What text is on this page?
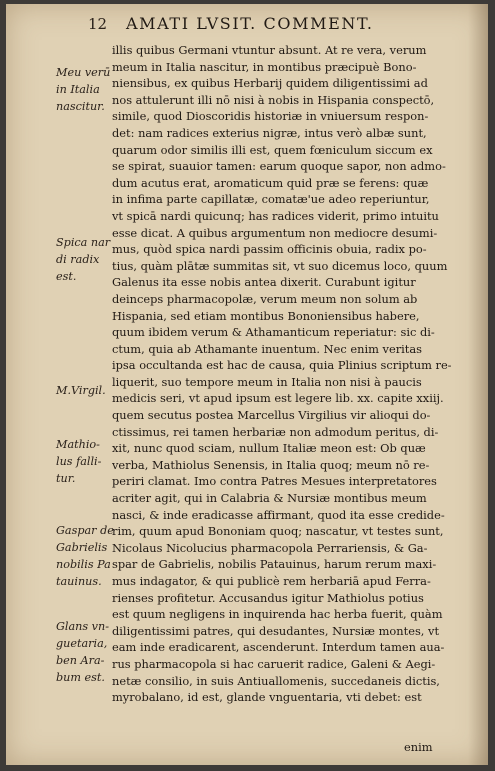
12 AMATI LVSIT. COMMENT.
Meu verū
in Italia
nascitur.
Spica nar
di radix
est.
M.Virgil.
Mathio-
lus falli-
tur.
Gaspar de
Gabrielis
nobilis Pa
tauinus.
Glans vn-
guetaria,
ben Ara-
bum est.
illis quibus Germani vtuntur absunt. At re vera, verum
meum in Italia nascitur, in montibus præcipuè Bono-
niensibus, ex quibus Herbarij quidem diligentissimi ad
nos attulerunt illi nō nisi à nobis in Hispania conspectō,
simile, quod Dioscoridis historiæ in vniuersum respon-
det: nam radices exterius nigræ, intus verò albæ sunt,
quarum odor similis illi est, quem fœniculum siccum ex
se spirat, suauior tamen: earum quoque sapor, non admo-
dum acutus erat, aromaticum quid præ se ferens: quæ
in infima parte capillatæ, comatæ'ue adeo reperiuntur,
vt spicā nardi quicunq; has radices viderit, primo intuitu
esse dicat. A quibus argumentum non mediocre desumi-
mus, quòd spica nardi passim officinis obuia, radix po-
tius, quàm plātæ summitas sit, vt suo dicemus loco, quum
Galenus ita esse nobis antea dixerit. Curabunt igitur
deinceps pharmacopolæ, verum meum non solum ab
Hispania, sed etiam montibus Bononiensibus habere,
quum ibidem verum & Athamanticum reperiatur: sic di-
ctum, quia ab Athamante inuentum. Nec enim veritas
ipsa occultanda est hac de causa, quia Plinius scriptum re-
liquerit, suo tempore meum in Italia non nisi à paucis
medicis seri, vt apud ipsum est legere lib. xx. capite xxiij.
quem secutus postea Marcellus Virgilius vir alioqui do-
ctissimus, rei tamen herbariæ non admodum peritus, di-
xit, nunc quod sciam, nullum Italiæ meon est: Ob quæ
verba, Mathiolus Senensis, in Italia quoq; meum nō re-
periri clamat. Imo contra Patres Mesues interpretatores
acriter agit, qui in Calabria & Nursiæ montibus meum
nasci, & inde eradicasse affirmant, quod ita esse credide-
rim, quum apud Bononiam quoq; nascatur, vt testes sunt,
Nicolaus Nicolucius pharmacopola Perrariensis, & Ga-
spar de Gabrielis, nobilis Patauinus, harum rerum maxi-
mus indagator, & qui publicè rem herbariā apud Ferra-
rienses profitetur. Accusandus igitur Mathiolus potius
est quum negligens in inquirenda hac herba fuerit, quàm
diligentissimi patres, qui desudantes, Nursiæ montes, vt
eam inde eradicarent, ascenderunt. Interdum tamen aua-
rus pharmacopola si hac caruerit radice, Galeni & Aegi-
netæ consilio, in suis Antiuallomenis, succedaneis dictis,
myrobalano, id est, glande vnguentaria, vti debet: est
enim
